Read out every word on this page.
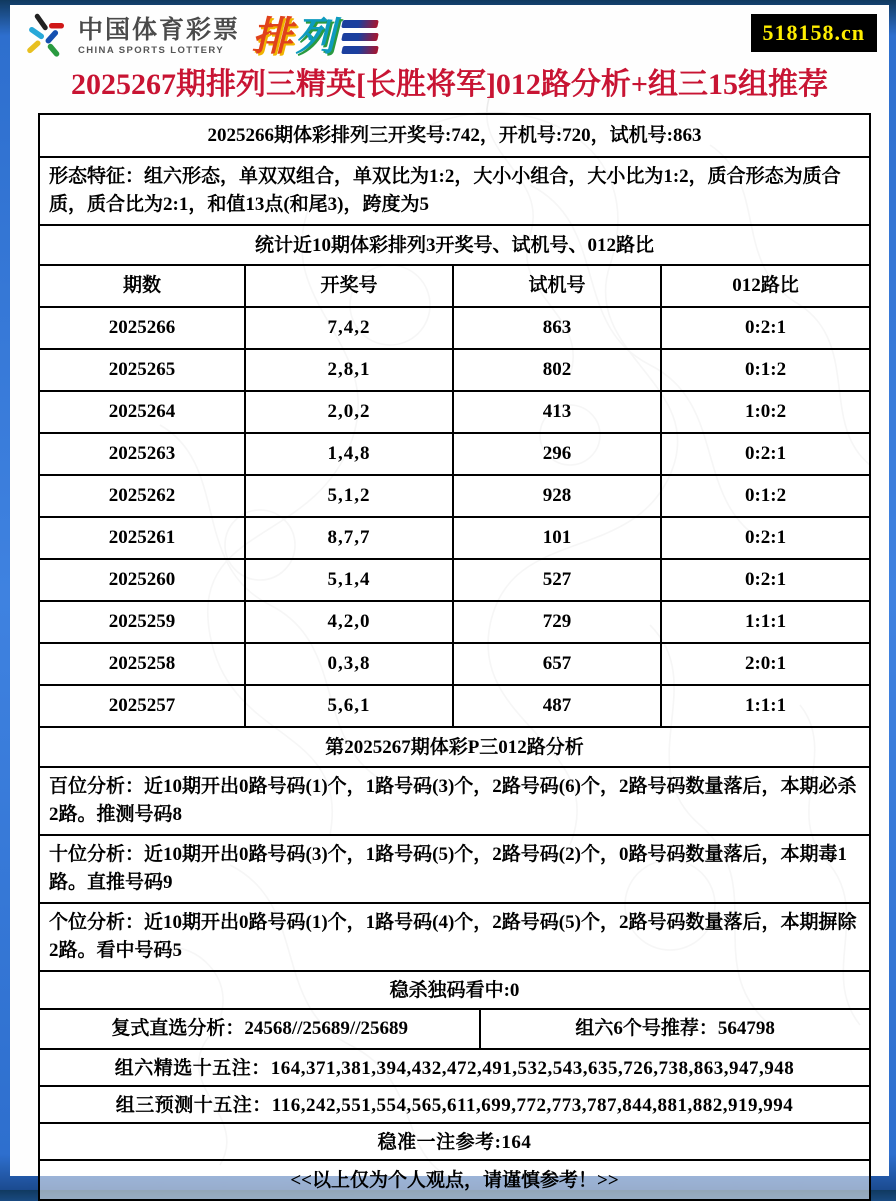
中国体育彩票
CHINA SPORTS LOTTERY 排 列	518158.cn
2025267期排列三精英[长胜将军]012路分析+组三15组推荐
2025266期体彩排列三开奖号:742，开机号:720，试机号:863
形态特征：组六形态，单双双组合，单双比为1:2，大小小组合，大小比为1:2，质合形态为质合质，质合比为2:1，和值13点(和尾3)，跨度为5
统计近10期体彩排列3开奖号、试机号、012路比
期数	开奖号	试机号	012路比
2025266	7,4,2	863	0:2:1
2025265	2,8,1	802	0:1:2
2025264	2,0,2	413	1:0:2
2025263	1,4,8	296	0:2:1
2025262	5,1,2	928	0:1:2
2025261	8,7,7	101	0:2:1
2025260	5,1,4	527	0:2:1
2025259	4,2,0	729	1:1:1
2025258	0,3,8	657	2:0:1
2025257	5,6,1	487	1:1:1
第2025267期体彩P三012路分析
百位分析：近10期开出0路号码(1)个，1路号码(3)个，2路号码(6)个，2路号码数量落后，本期必杀2路。推测号码8
十位分析：近10期开出0路号码(3)个，1路号码(5)个，2路号码(2)个，0路号码数量落后，本期毒1路。直推号码9
个位分析：近10期开出0路号码(1)个，1路号码(4)个，2路号码(5)个，2路号码数量落后，本期摒除2路。看中号码5
稳杀独码看中:0
复式直选分析：24568//25689//25689	组六6个号推荐：564798
组六精选十五注：164,371,381,394,432,472,491,532,543,635,726,738,863,947,948
组三预测十五注：116,242,551,554,565,611,699,772,773,787,844,881,882,919,994
稳准一注参考:164
<<以上仅为个人观点，请谨慎参考！>>
